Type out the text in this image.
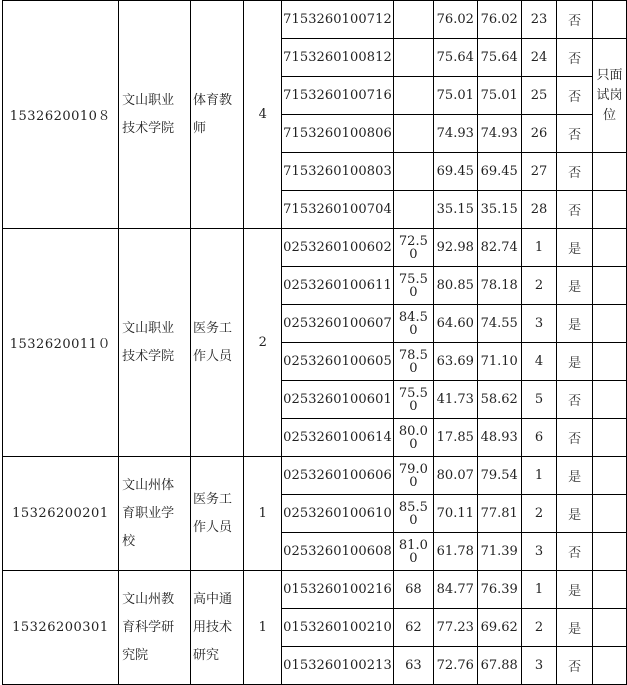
1532620010８	文山职业技术学院	体育教师	4	7153260100712		76.02	76.02	23	否	
				7153260100812		75.64	75.64	24	否	只面试岗位
				7153260100716		75.01	75.01	25	否	
				7153260100806		74.93	74.93	26	否	
				7153260100803		69.45	69.45	27	否	
				7153260100704		35.15	35.15	28	否	
1532620011０	文山职业技术学院	医务工作人员	2	0253260100602	72.50	92.98	82.74	1	是	
				0253260100611	75.50	80.85	78.18	2	是	
				0253260100607	84.50	64.60	74.55	3	是	
				0253260100605	78.50	63.69	71.10	4	是	
				0253260100601	75.50	41.73	58.62	5	否	
				0253260100614	80.00	17.85	48.93	6	否	
15326200201	文山州体育职业学校	医务工作人员	1	0253260100606	79.00	80.07	79.54	1	是	
				0253260100610	85.50	70.11	77.81	2	是	
				0253260100608	81.00	61.78	71.39	3	否	
15326200301	文山州教育科学研究院	高中通用技术研究	1	0153260100216	68	84.77	76.39	1	是	
				0153260100210	62	77.23	69.62	2	是	
				0153260100213	63	72.76	67.88	3	否	
